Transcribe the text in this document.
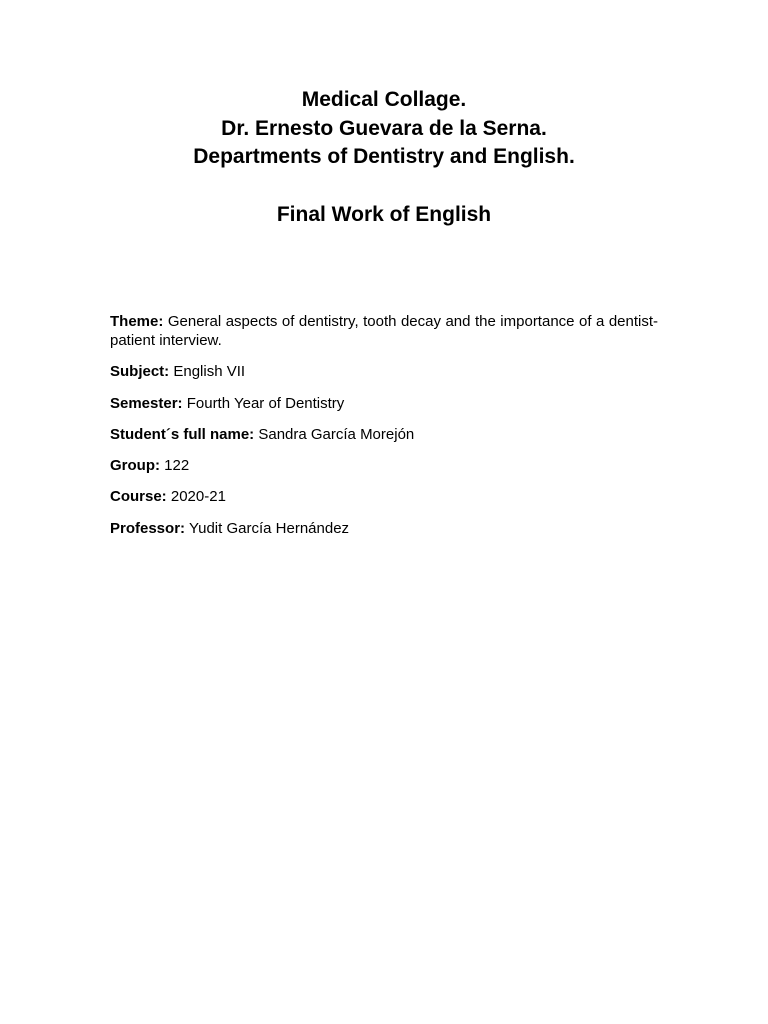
Medical Collage.
Dr. Ernesto Guevara de la Serna.
Departments of Dentistry and English.
Final Work of English

Theme: General aspects of dentistry, tooth decay and the importance of a dentist-patient interview.

Subject: English VII

Semester: Fourth Year of Dentistry

Student´s full name: Sandra García Morejón

Group: 122

Course: 2020-21

Professor: Yudit García Hernández
